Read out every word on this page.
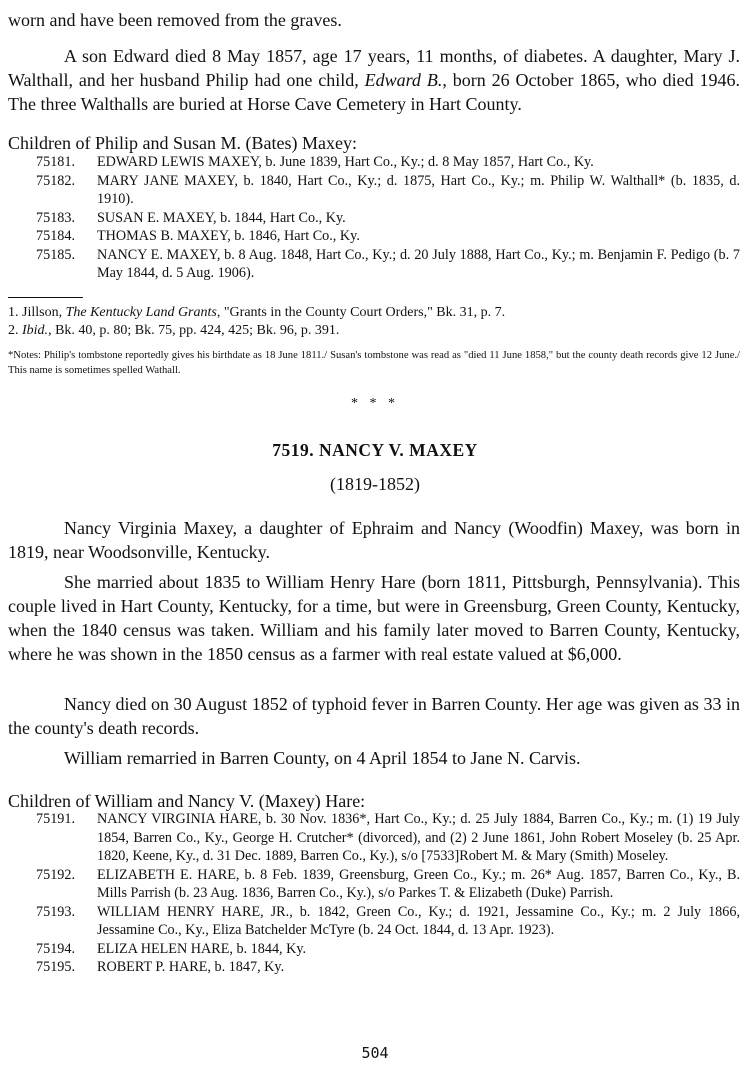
worn and have been removed from the graves.

A son Edward died 8 May 1857, age 17 years, 11 months, of diabetes. A daughter, Mary J. Walthall, and her husband Philip had one child, Edward B., born 26 October 1865, who died 1946. The three Walthalls are buried at Horse Cave Cemetery in Hart County.

Children of Philip and Susan M. (Bates) Maxey:

75181. EDWARD LEWIS MAXEY, b. June 1839, Hart Co., Ky.; d. 8 May 1857, Hart Co., Ky.
75182. MARY JANE MAXEY, b. 1840, Hart Co., Ky.; d. 1875, Hart Co., Ky.; m. Philip W. Walthall* (b. 1835, d. 1910).
75183. SUSAN E. MAXEY, b. 1844, Hart Co., Ky.
75184. THOMAS B. MAXEY, b. 1846, Hart Co., Ky.
75185. NANCY E. MAXEY, b. 8 Aug. 1848, Hart Co., Ky.; d. 20 July 1888, Hart Co., Ky.; m. Benjamin F. Pedigo (b. 7 May 1844, d. 5 Aug. 1906).

1. Jillson, The Kentucky Land Grants, "Grants in the County Court Orders," Bk. 31, p. 7.

2. Ibid., Bk. 40, p. 80; Bk. 75, pp. 424, 425; Bk. 96, p. 391.

*Notes: Philip's tombstone reportedly gives his birthdate as 18 June 1811./ Susan's tombstone was read as "died 11 June 1858," but the county death records give 12 June./ This name is sometimes spelled Wathall.

* * *
7519. NANCY V. MAXEY
(1819-1852)

Nancy Virginia Maxey, a daughter of Ephraim and Nancy (Woodfin) Maxey, was born in 1819, near Woodsonville, Kentucky.

She married about 1835 to William Henry Hare (born 1811, Pittsburgh, Pennsylvania). This couple lived in Hart County, Kentucky, for a time, but were in Greensburg, Green County, Kentucky, when the 1840 census was taken. William and his family later moved to Barren County, Kentucky, where he was shown in the 1850 census as a farmer with real estate valued at $6,000.

Nancy died on 30 August 1852 of typhoid fever in Barren County. Her age was given as 33 in the county's death records.

William remarried in Barren County, on 4 April 1854 to Jane N. Carvis.

Children of William and Nancy V. (Maxey) Hare:

75191. NANCY VIRGINIA HARE, b. 30 Nov. 1836*, Hart Co., Ky.; d. 25 July 1884, Barren Co., Ky.; m. (1) 19 July 1854, Barren Co., Ky., George H. Crutcher* (divorced), and (2) 2 June 1861, John Robert Moseley (b. 25 Apr. 1820, Keene, Ky., d. 31 Dec. 1889, Barren Co., Ky.), s/o [7533]Robert M. & Mary (Smith) Moseley.
75192. ELIZABETH E. HARE, b. 8 Feb. 1839, Greensburg, Green Co., Ky.; m. 26* Aug. 1857, Barren Co., Ky., B. Mills Parrish (b. 23 Aug. 1836, Barren Co., Ky.), s/o Parkes T. & Elizabeth (Duke) Parrish.
75193. WILLIAM HENRY HARE, JR., b. 1842, Green Co., Ky.; d. 1921, Jessamine Co., Ky.; m. 2 July 1866, Jessamine Co., Ky., Eliza Batchelder McTyre (b. 24 Oct. 1844, d. 13 Apr. 1923).
75194. ELIZA HELEN HARE, b. 1844, Ky.
75195. ROBERT P. HARE, b. 1847, Ky.
504
